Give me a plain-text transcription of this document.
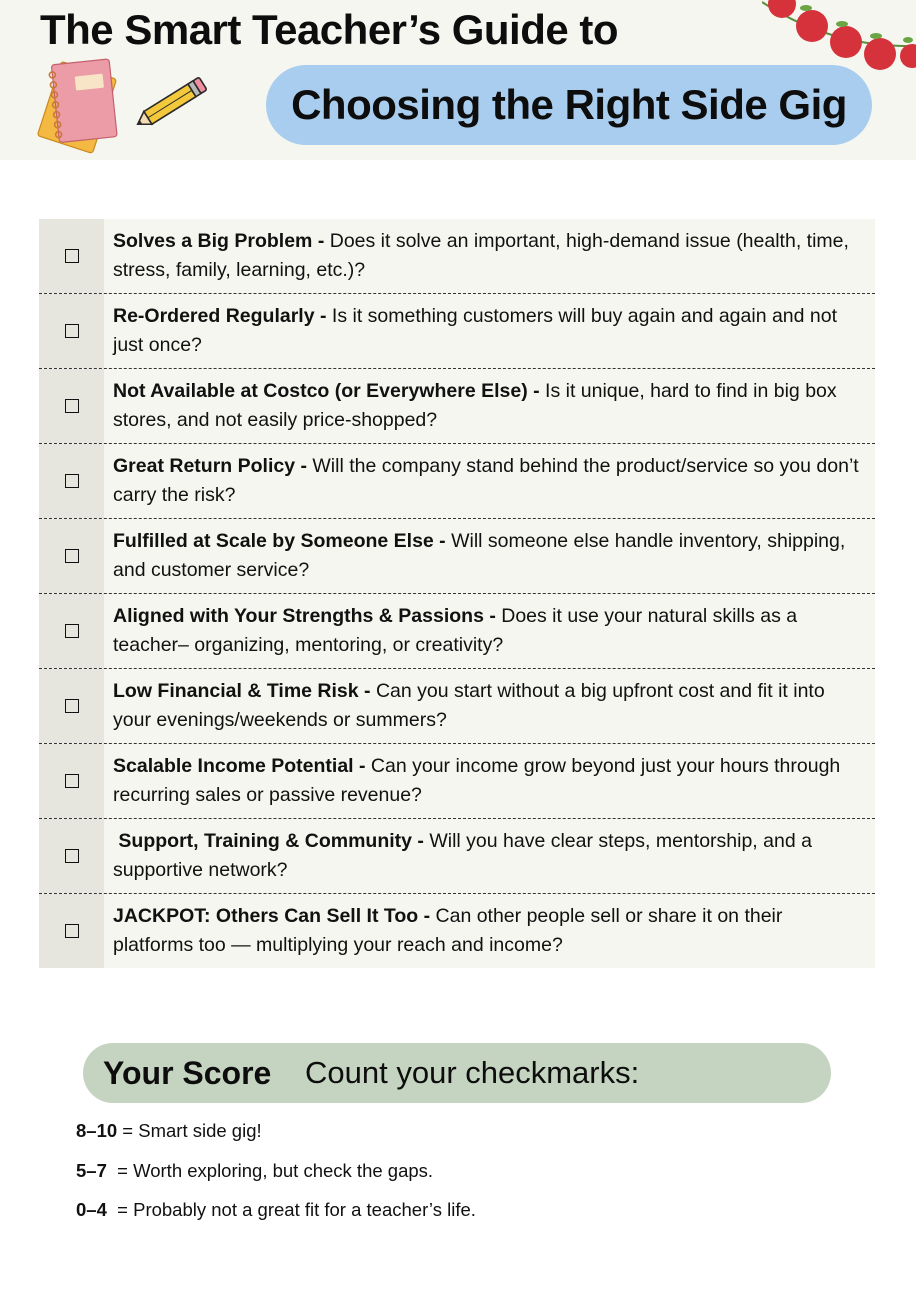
The Smart Teacher’s Guide to
Choosing the Right Side Gig
Solves a Big Problem - Does it solve an important, high-demand issue (health, time, stress, family, learning, etc.)?
Re-Ordered Regularly - Is it something customers will buy again and again and not just once?
Not Available at Costco (or Everywhere Else) - Is it unique, hard to find in big box stores, and not easily price-shopped?
Great Return Policy - Will the company stand behind the product/service so you don’t carry the risk?
Fulfilled at Scale by Someone Else - Will someone else handle inventory, shipping, and customer service?
Aligned with Your Strengths & Passions - Does it use your natural skills as a teacher– organizing, mentoring, or creativity?
Low Financial & Time Risk - Can you start without a big upfront cost and fit it into your evenings/weekends or summers?
Scalable Income Potential - Can your income grow beyond just your hours through recurring sales or passive revenue?
Support, Training & Community - Will you have clear steps, mentorship, and a supportive network?
JACKPOT: Others Can Sell It Too - Can other people sell or share it on their platforms too — multiplying your reach and income?
Your Score Count your checkmarks:
8–10 = Smart side gig!
5–7  = Worth exploring, but check the gaps.
0–4  = Probably not a great fit for a teacher’s life.
